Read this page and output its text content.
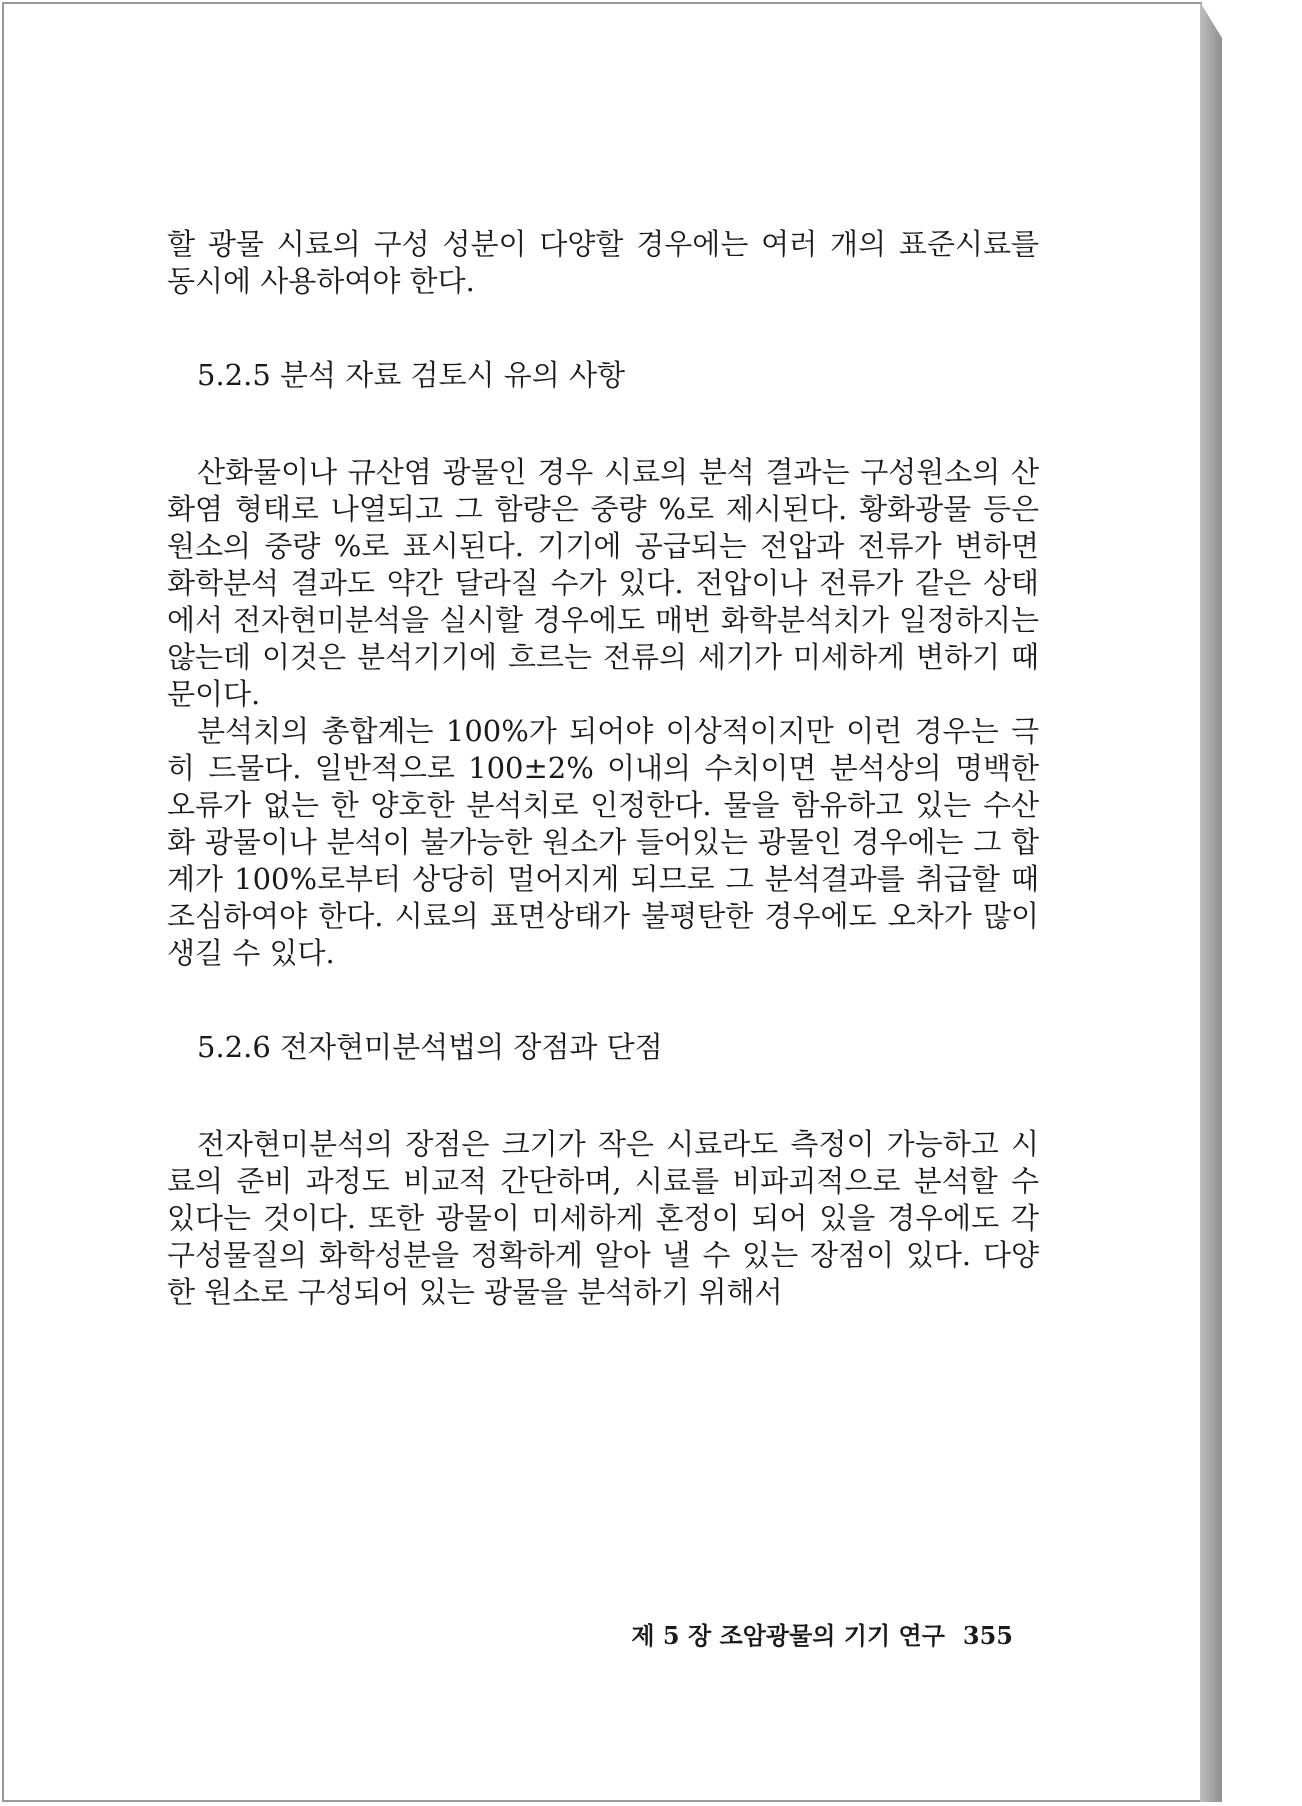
할 광물 시료의 구성 성분이 다양할 경우에는 여러 개의 표준시료를 동시에 사용하여야 한다.

5.2.5 분석 자료 검토시 유의 사항

산화물이나 규산염 광물인 경우 시료의 분석 결과는 구성원소의 산화염 형태로 나열되고 그 함량은 중량 %로 제시된다. 황화광물 등은 원소의 중량 %로 표시된다. 기기에 공급되는 전압과 전류가 변하면 화학분석 결과도 약간 달라질 수가 있다. 전압이나 전류가 같은 상태에서 전자현미분석을 실시할 경우에도 매번 화학분석치가 일정하지는 않는데 이것은 분석기기에 흐르는 전류의 세기가 미세하게 변하기 때문이다.

분석치의 총합계는 100%가 되어야 이상적이지만 이런 경우는 극히 드물다. 일반적으로 100±2% 이내의 수치이면 분석상의 명백한 오류가 없는 한 양호한 분석치로 인정한다. 물을 함유하고 있는 수산화 광물이나 분석이 불가능한 원소가 들어있는 광물인 경우에는 그 합계가 100%로부터 상당히 멀어지게 되므로 그 분석결과를 취급할 때 조심하여야 한다. 시료의 표면상태가 불평탄한 경우에도 오차가 많이 생길 수 있다.

5.2.6 전자현미분석법의 장점과 단점

전자현미분석의 장점은 크기가 작은 시료라도 측정이 가능하고 시료의 준비 과정도 비교적 간단하며, 시료를 비파괴적으로 분석할 수 있다는 것이다. 또한 광물이 미세하게 혼정이 되어 있을 경우에도 각 구성물질의 화학성분을 정확하게 알아 낼 수 있는 장점이 있다. 다양한 원소로 구성되어 있는 광물을 분석하기 위해서

제 5 장 조암광물의 기기 연구 355
